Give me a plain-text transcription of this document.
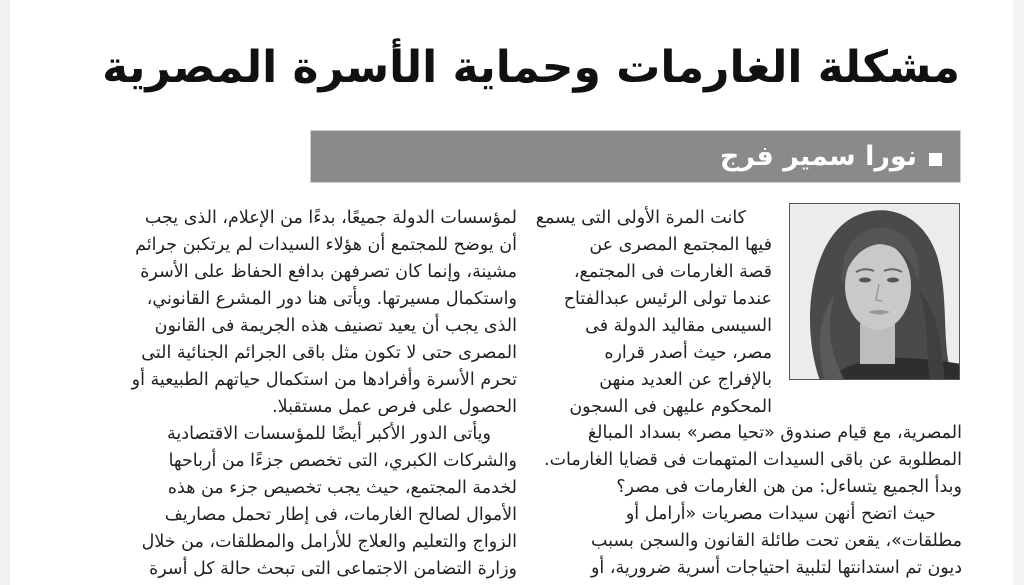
مشكلة الغارمات وحماية الأسرة المصرية
نورا سمير فرج
كانت المرة الأولى التى يسمع
فيها المجتمع المصرى عن
قصة الغارمات فى المجتمع،
عندما تولى الرئيس عبدالفتاح
السيسى مقاليد الدولة فى
مصر، حيث أصدر قراره
بالإفراج عن العديد منهن
المحكوم عليهن فى السجون
المصرية، مع قيام صندوق «تحيا مصر» بسداد المبالغ
المطلوبة عن باقى السيدات المتهمات فى قضايا الغارمات.
وبدأ الجميع يتساءل: من هن الغارمات فى مصر؟
حيث اتضح أنهن سيدات مصريات «أرامل أو
مطلقات»، يقعن تحت طائلة القانون والسجن بسبب
ديون تم استدانتها لتلبية احتياجات أسرية ضرورية، أو
لمؤسسات الدولة جميعًا، بدءًا من الإعلام، الذى يجب
أن يوضح للمجتمع أن هؤلاء السيدات لم يرتكبن جرائم
مشينة، وإنما كان تصرفهن بدافع الحفاظ على الأسرة
واستكمال مسيرتها. ويأتى هنا دور المشرع القانوني،
الذى يجب أن يعيد تصنيف هذه الجريمة فى القانون
المصرى حتى لا تكون مثل باقى الجرائم الجنائية التى
تحرم الأسرة وأفرادها من استكمال حياتهم الطبيعية أو
الحصول على فرص عمل مستقبلا.
ويأتى الدور الأكبر أيضًا للمؤسسات الاقتصادية
والشركات الكبري، التى تخصص جزءًا من أرباحها
لخدمة المجتمع، حيث يجب تخصيص جزء من هذه
الأموال لصالح الغارمات، فى إطار تحمل مصاريف
الزواج والتعليم والعلاج للأرامل والمطلقات، من خلال
وزارة التضامن الاجتماعى التى تبحث حالة كل أسرة
